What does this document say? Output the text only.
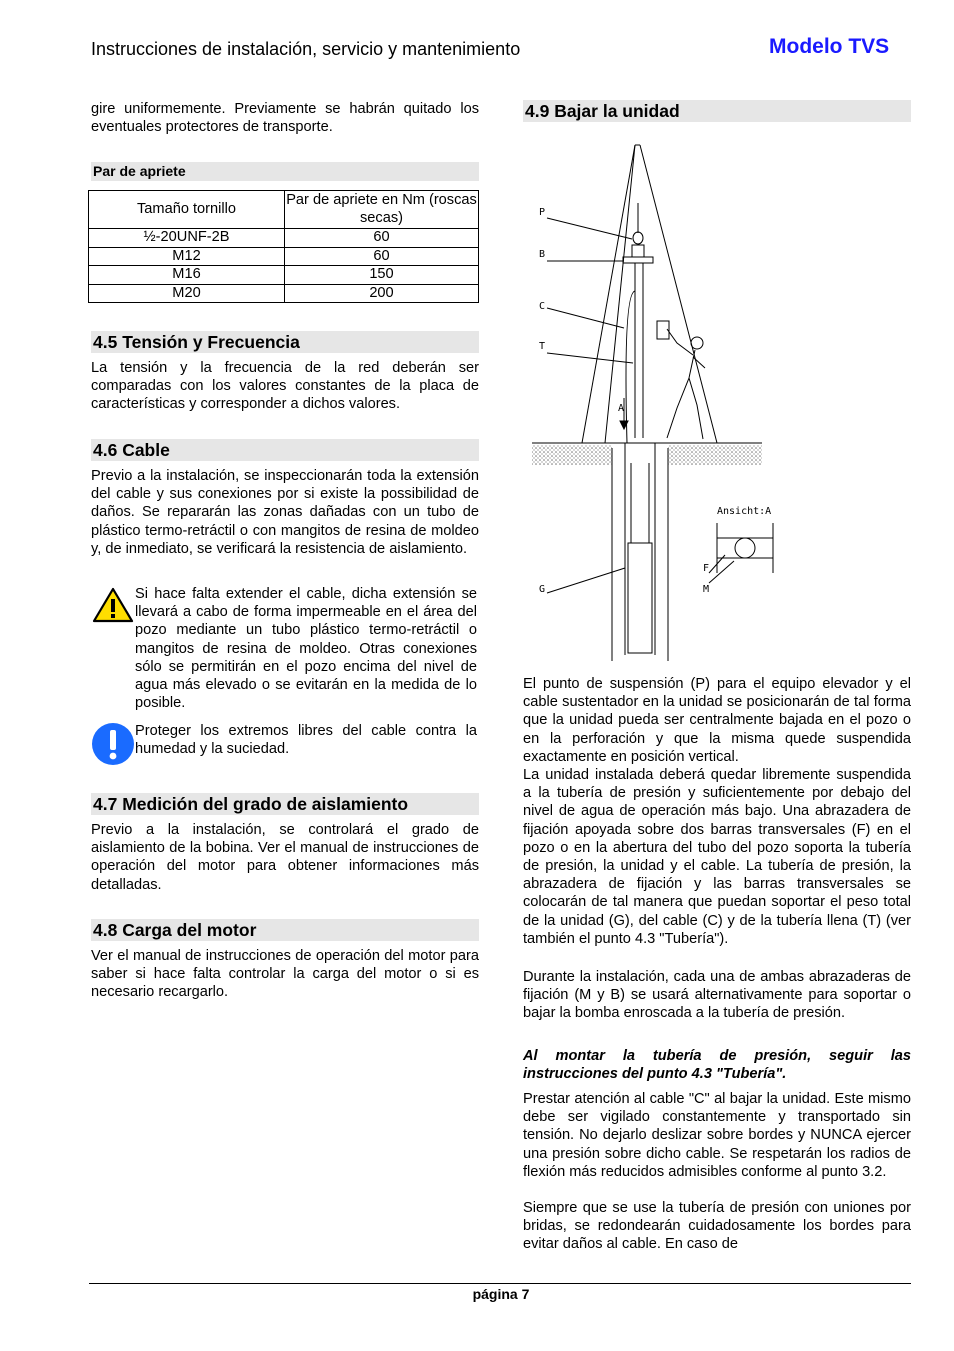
Instrucciones de instalación, servicio y mantenimiento	Modelo TVS
gire uniformemente. Previamente se habrán quitado los eventuales protectores de transporte.
Par de apriete
Tamaño tornillo	Par de apriete en Nm (roscas secas)
½-20UNF-2B	60
M12	60
M16	150
M20	200
4.5 Tensión y Frecuencia
La tensión y la frecuencia de la red deberán ser comparadas con los valores constantes de la placa de características y corresponder a dichos valores.
4.6 Cable
Previo a la instalación, se inspeccionarán toda la extensión del cable y sus conexiones por si existe la possibilidad de daños. Se repararán las zonas dañadas con un tubo de plástico termo-retráctil o con mangitos de resina de moldeo y, de inmediato, se verificará la resistencia de aislamiento.
Si hace falta extender el cable, dicha extensión se llevará a cabo de forma impermeable en el área del pozo mediante un tubo plástico termo-retráctil o mangitos de resina de moldeo. Otras conexiones sólo se permitirán en el pozo encima del nivel de agua más elevado o se evitarán en la medida de lo posible.
Proteger los extremos libres del cable contra la humedad y la suciedad.
4.7 Medición del grado de aislamiento
Previo a la instalación, se controlará el grado de aislamiento de la bobina. Ver el manual de instrucciones de operación del motor para obtener informaciones más detalladas.
4.8 Carga del motor
Ver el manual de instrucciones de operación del motor para saber si hace falta controlar la carga del motor o si es necesario recargarlo.
4.9 Bajar la unidad
P
B
C
T
A
G
F
M
Ansicht:A
El punto de suspensión (P) para el equipo elevador y el cable sustentador en la unidad se posicionarán de tal forma que la unidad pueda ser centralmente bajada en el pozo o en la perforación y que la misma quede suspendida exactamente en posición vertical.
La unidad instalada deberá quedar libremente suspendida a la tubería de presión y suficientemente por debajo del nivel de agua de operación más bajo. Una abrazadera de fijación apoyada sobre dos barras transversales (F) en el pozo o en la abertura del tubo del pozo soporta la tubería de presión, la unidad y el cable. La tubería de presión, la abrazadera de fijación y las barras transversales se colocarán de tal manera que puedan soportar el peso total de la unidad (G), del cable (C) y de la tubería llena (T) (ver también el punto 4.3 "Tubería").
Durante la instalación, cada una de ambas abrazaderas de fijación (M y B) se usará alternativamente para soportar o bajar la bomba enroscada a la tubería de presión.
Al montar la tubería de presión, seguir las instrucciones del punto 4.3 "Tubería".
Prestar atención al cable "C" al bajar la unidad. Este mismo debe ser vigilado constantemente y transportado sin tensión. No dejarlo deslizar sobre bordes y NUNCA ejercer una presión sobre dicho cable. Se respetarán los radios de flexión más reducidos admisibles conforme al punto 3.2.
Siempre que se use la tubería de presión con uniones por bridas, se redondearán cuidadosamente los bordes para evitar daños al cable. En caso de
página 7
